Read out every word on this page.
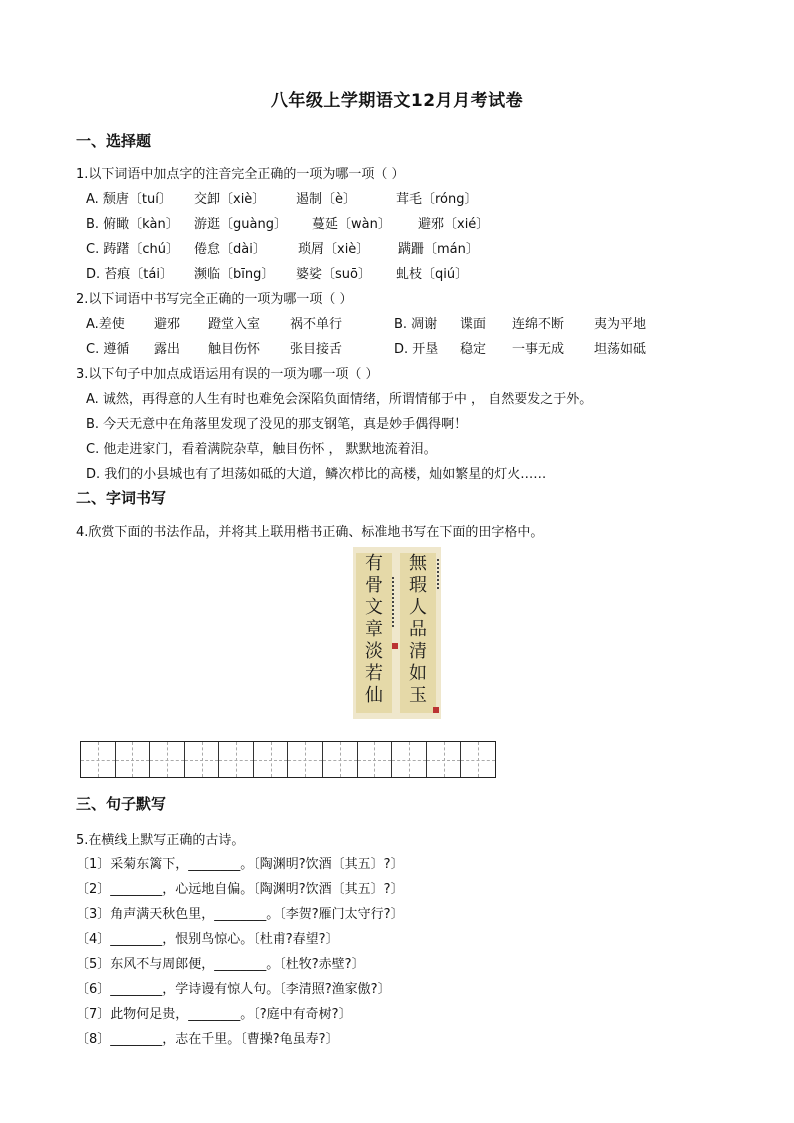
八年级上学期语文12月月考试卷
一、选择题
1.以下词语中加点字的注音完全正确的一项为哪一项（ ）
A. 颓唐〔tuí〕 交卸〔xiè〕 遏制〔è〕	茸毛〔róng〕
B. 俯瞰〔kàn〕 游逛〔guàng〕 蔓延〔wàn〕 避邪〔xié〕
C. 踌躇〔chú〕 倦怠〔dài〕 琐屑〔xiè〕 蹒跚〔mán〕
D. 苔痕〔tái〕 濒临〔bīng〕 婆娑〔suō〕 虬枝〔qiú〕
2.以下词语中书写完全正确的一项为哪一项（ ）
A.差使 避邪 蹬堂入室 祸不单行	B. 凋谢 谍面 连绵不断 夷为平地
C. 遵循 露出 触目伤怀 张目接舌	D. 开垦 稳定 一事无成 坦荡如砥
3.以下句子中加点成语运用有误的一项为哪一项（ ）
A. 诚然，再得意的人生有时也难免会深陷负面情绪，所谓情郁于中 ， 自然要发之于外。
B. 今天无意中在角落里发现了没见的那支钢笔，真是妙手偶得啊！
C. 他走进家门，看着满院杂草，触目伤怀 ， 默默地流着泪。
D. 我们的小县城也有了坦荡如砥的大道，鳞次栉比的高楼，灿如繁星的灯火……
二、字词书写
4.欣赏下面的书法作品，并将其上联用楷书正确、标准地书写在下面的田字格中。
有
骨
文
章
淡
若
仙
無
瑕
人
品
清
如
玉
三、句子默写
5.在横线上默写正确的古诗。
〔1〕采菊东篱下，________。〔陶渊明?饮酒〔其五〕?〕
〔2〕________，心远地自偏。〔陶渊明?饮酒〔其五〕?〕
〔3〕角声满天秋色里，________。〔李贺?雁门太守行?〕
〔4〕________，恨别鸟惊心。〔杜甫?春望?〕
〔5〕东风不与周郎便，________。〔杜牧?赤壁?〕
〔6〕________，学诗谩有惊人句。〔李清照?渔家傲?〕
〔7〕此物何足贵，________。〔?庭中有奇树?〕
〔8〕________，志在千里。〔曹操?龟虽寿?〕
